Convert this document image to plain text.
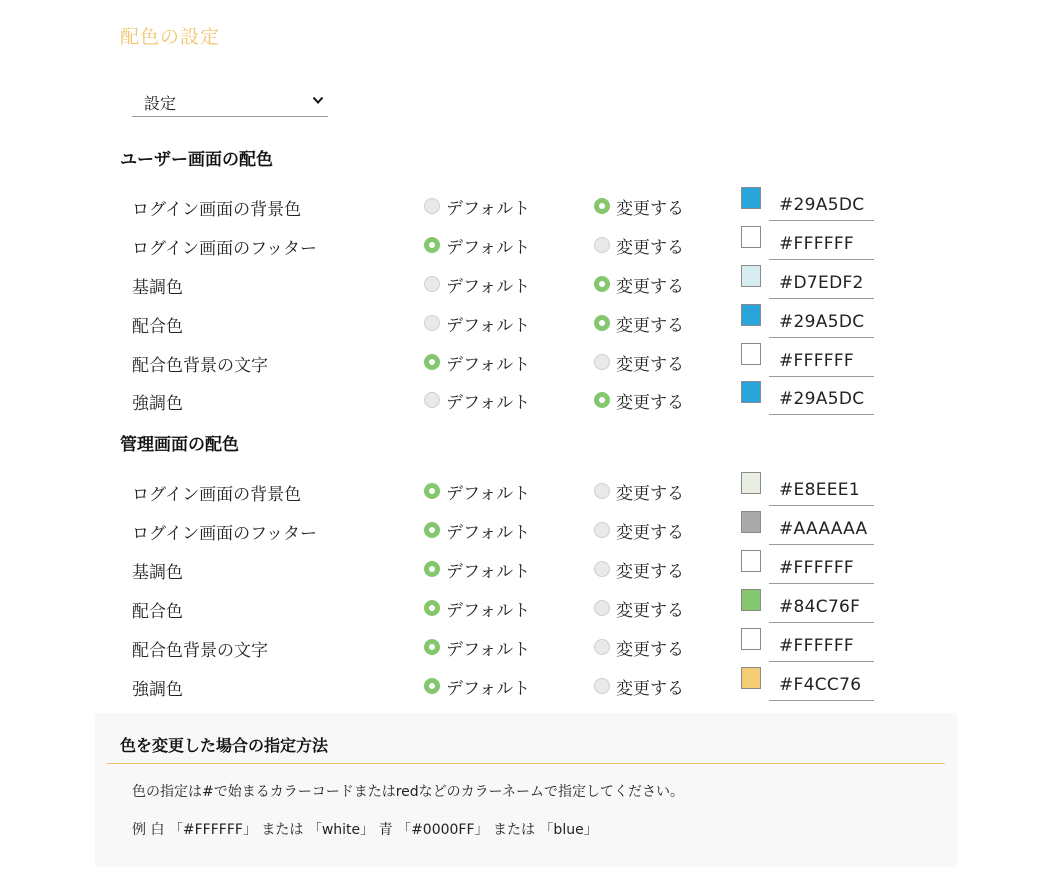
配色の設定
設定
ユーザー画面の配色
ログイン画面の背景色	デフォルト	変更する	#29A5DC
ログイン画面のフッター	デフォルト	変更する	#FFFFFF
基調色	デフォルト	変更する	#D7EDF2
配合色	デフォルト	変更する	#29A5DC
配合色背景の文字	デフォルト	変更する	#FFFFFF
強調色	デフォルト	変更する	#29A5DC
管理画面の配色
ログイン画面の背景色	デフォルト	変更する	#E8EEE1
ログイン画面のフッター	デフォルト	変更する	#AAAAAA
基調色	デフォルト	変更する	#FFFFFF
配合色	デフォルト	変更する	#84C76F
配合色背景の文字	デフォルト	変更する	#FFFFFF
強調色	デフォルト	変更する	#F4CC76
色を変更した場合の指定方法
色の指定は#で始まるカラーコードまたはredなどのカラーネームで指定してください。
例 白 「#FFFFFF」 または 「white」 青 「#0000FF」 または 「blue」
